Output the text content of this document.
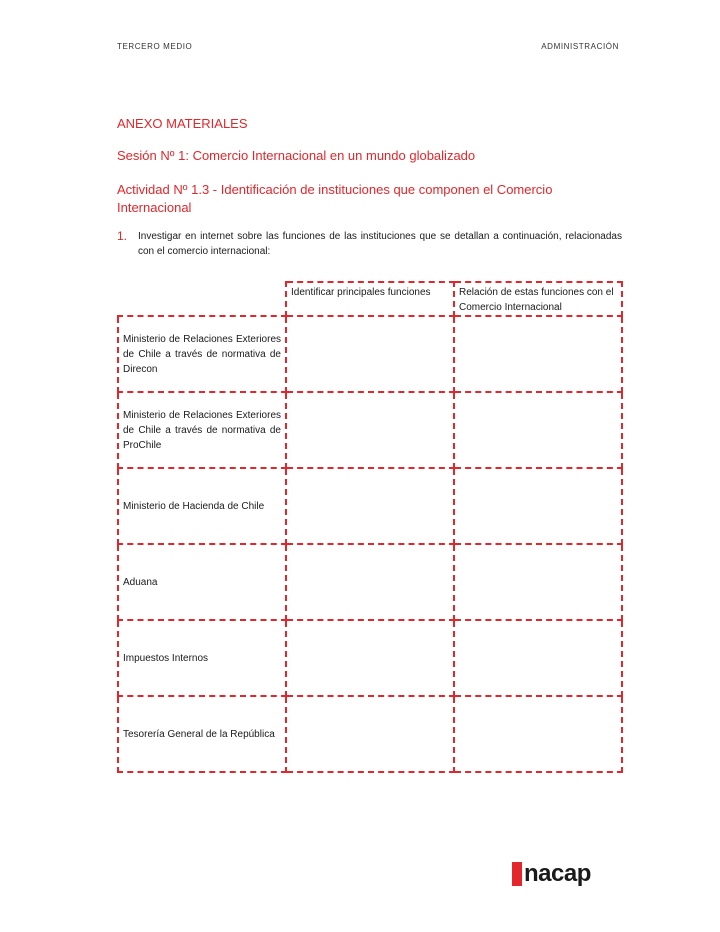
TERCERO MEDIO	ADMINISTRACIÓN
ANEXO MATERIALES
Sesión Nº 1: Comercio Internacional en un mundo globalizado
Actividad Nº 1.3 - Identificación de instituciones que componen el Comercio Internacional
1. Investigar en internet sobre las funciones de las instituciones que se detallan a continuación, relacionadas con el comercio internacional:
	Identificar principales funciones	Relación de estas funciones con el Comercio Internacional
Ministerio de Relaciones Exteriores de Chile a través de normativa de Direcon		
Ministerio de Relaciones Exteriores de Chile a través de normativa de ProChile		
Ministerio de Hacienda de Chile		
Aduana		
Impuestos Internos		
Tesorería General de la República		
nacap
